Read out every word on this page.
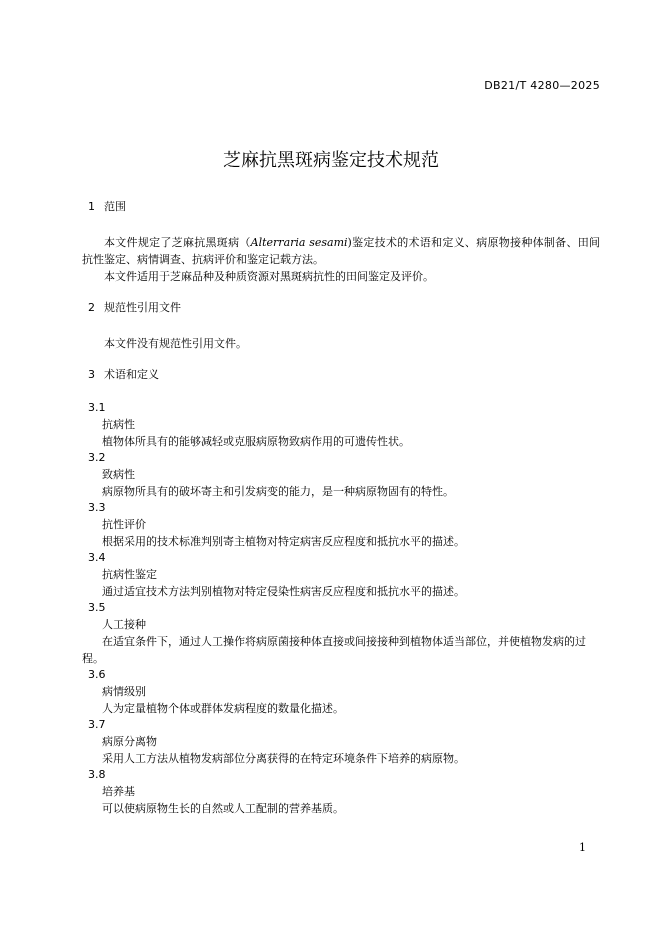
DB21/T 4280—2025
芝麻抗黑斑病鉴定技术规范
1 范围

本文件规定了芝麻抗黑斑病（Alterraria sesami)鉴定技术的术语和定义、病原物接种体制备、田间抗性鉴定、病情调查、抗病评价和鉴定记载方法。

本文件适用于芝麻品种及种质资源对黑斑病抗性的田间鉴定及评价。

2 规范性引用文件

本文件没有规范性引用文件。

3 术语和定义
3.1
抗病性

植物体所具有的能够减轻或克服病原物致病作用的可遗传性状。

3.2
致病性

病原物所具有的破坏寄主和引发病变的能力，是一种病原物固有的特性。

3.3
抗性评价

根据采用的技术标准判别寄主植物对特定病害反应程度和抵抗水平的描述。

3.4
抗病性鉴定

通过适宜技术方法判别植物对特定侵染性病害反应程度和抵抗水平的描述。

3.5
人工接种

在适宜条件下，通过人工操作将病原菌接种体直接或间接接种到植物体适当部位，并使植物发病的过程。

3.6
病情级别

人为定量植物个体或群体发病程度的数量化描述。

3.7
病原分离物

采用人工方法从植物发病部位分离获得的在特定环境条件下培养的病原物。

3.8
培养基

可以使病原物生长的自然或人工配制的营养基质。

1
